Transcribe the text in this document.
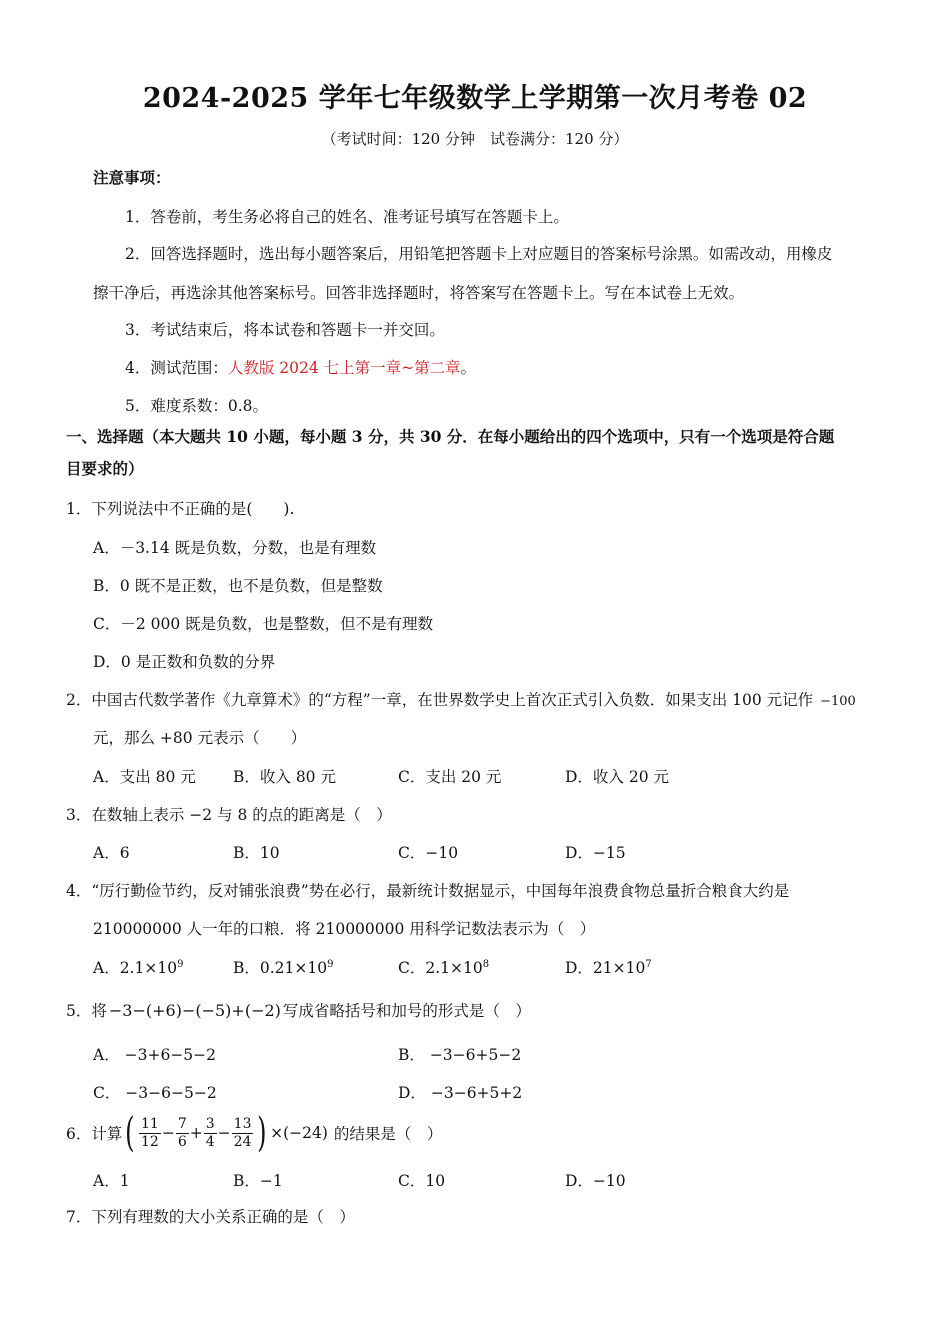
2024-2025 学年七年级数学上学期第一次月考卷 02
（考试时间：120 分钟　试卷满分：120 分）
注意事项：
1．答卷前，考生务必将自己的姓名、准考证号填写在答题卡上。
2．回答选择题时，选出每小题答案后，用铅笔把答题卡上对应题目的答案标号涂黑。如需改动，用橡皮
擦干净后，再选涂其他答案标号。回答非选择题时，将答案写在答题卡上。写在本试卷上无效。
3．考试结束后，将本试卷和答题卡一并交回。
4．测试范围：人教版 2024 七上第一章~第二章。
5．难度系数：0.8。
一、选择题（本大题共 10 小题，每小题 3 分，共 30 分．在每小题给出的四个选项中，只有一个选项是符合题
目要求的）
1．下列说法中不正确的是(　　).
A．－3.14 既是负数，分数，也是有理数
B．0 既不是正数，也不是负数，但是整数
C．－2 000 既是负数，也是整数，但不是有理数
D．0 是正数和负数的分界
2．中国古代数学著作《九章算术》的“方程”一章，在世界数学史上首次正式引入负数．如果支出 100 元记作 −100
元，那么 +80 元表示（　　）
A．支出 80 元 B．收入 80 元	C．支出 20 元	D．收入 20 元
3．在数轴上表示 −2 与 8 的点的距离是（　）
A．6	B．10	C．−10	D．−15
4．“厉行勤俭节约，反对铺张浪费”势在必行，最新统计数据显示，中国每年浪费食物总量折合粮食大约是
210000000 人一年的口粮．将 210000000 用科学记数法表示为（　）
A．$2.1\times 10^9$	B．$0.21\times 10^9$	C．$2.1\times 10^8$	D．$21\times 10^7$
5．将 −3−(+6)−(−5)+(−2) 写成省略括号和加号的形式是（　）
A． −3+6−5−2	B． −3−6+5−2
C． −3−6−5−2	D． −3−6+5+2
6．计算 ( $\frac{11}{12} - \frac{7}{6} + \frac{3}{4} - \frac{13}{24}$ ) ×(−24) 的结果是（　）
A．1	B．−1	C．10	D．−10
7．下列有理数的大小关系正确的是（　）
